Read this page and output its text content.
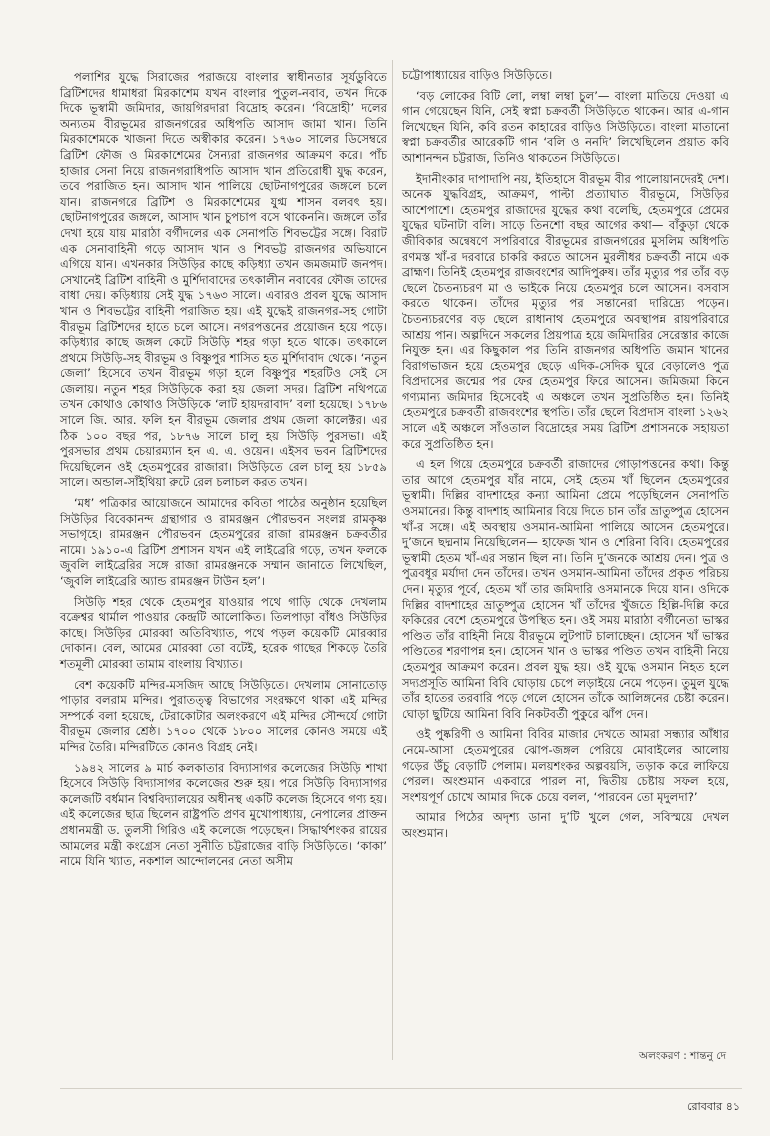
পলাশির যুদ্ধে সিরাজের পরাজয়ে বাংলার স্বাধীনতার সূর্যডুবিতে ব্রিটিশদের ধামাধরা মিরকাশেম যখন বাংলার পুতুল-নবাব, তখন দিকে দিকে ভূস্বামী জমিদার, জায়গিরদারা বিদ্রোহ করেন। ‘বিদ্রোহী’ দলের অন্যতম বীরভূমের রাজনগরের অধিপতি আসাদ জামা খান। তিনি মিরকাশেমকে খাজনা দিতে অস্বীকার করেন। ১৭৬০ সালের ডিসেম্বরে ব্রিটিশ ফৌজ ও মিরকাশেমের সৈন্যরা রাজনগর আক্রমণ করে। পাঁচ হাজার সেনা নিয়ে রাজনগরাধিপতি আসাদ খান প্রতিরোধী যুদ্ধ করেন, তবে পরাজিত হন। আসাদ খান পালিয়ে ছোটনাগপুরের জঙ্গলে চলে যান। রাজনগরে ব্রিটিশ ও মিরকাশেমের যুগ্ম শাসন বলবৎ হয়। ছোটনাগপুরের জঙ্গলে, আসাদ খান চুপচাপ বসে থাকেননি। জঙ্গলে তাঁর দেখা হয়ে যায় মারাঠা বর্গীদলের এক সেনাপতি শিবভট্টের সঙ্গে। বিরাট এক সেনাবাহিনী গড়ে আসাদ খান ও শিবভট্ট রাজনগর অভিযানে এগিয়ে যান। এখনকার সিউড়ির কাছে কড়িধ্যা তখন জমজমাট জনপদ। সেখানেই ব্রিটিশ বাহিনী ও মুর্শিদাবাদের তৎকালীন নবাবের ফৌজ তাদের বাধা দেয়। কড়িধ্যায় সেই যুদ্ধ ১৭৬৩ সালে। এবারও প্রবল যুদ্ধে আসাদ খান ও শিবভট্টের বাহিনী পরাজিত হয়। এই যুদ্ধেই রাজনগর-সহ গোটা বীরভূম ব্রিটিশদের হাতে চলে আসে। নগরপত্তনের প্রয়োজন হয়ে পড়ে। কড়িধ্যার কাছে জঙ্গল কেটে সিউড়ি শহর গড়া হতে থাকে। তৎকালে প্রথমে সিউড়ি-সহ বীরভূম ও বিষ্ণুপুর শাসিত হত মুর্শিদাবাদ থেকে। ‘নতুন জেলা’ হিসেবে তখন বীরভূম গড়া হলে বিষ্ণুপুর শহরটিও সেই সে জেলায়। নতুন শহর সিউড়িকে করা হয় জেলা সদর। ব্রিটিশ নথিপত্রে তখন কোথাও কোথাও সিউড়িকে ‘লাট হায়দরাবাদ’ বলা হয়েছে। ১৭৮৬ সালে জি. আর. ফলি হন বীরভূম জেলার প্রথম জেলা কালেক্টর। এর ঠিক ১০০ বছর পর, ১৮৭৬ সালে চালু হয় সিউড়ি পুরসভা। এই পুরসভার প্রথম চেয়ারম্যান হন এ. এ. ওয়েন। এইসব ভবন ব্রিটিশদের দিয়েছিলেন ওই হেতমপুরের রাজারা। সিউড়িতে রেল চালু হয় ১৮৫৯ সালে। অন্ডাল-সাঁইথিয়া রুটে রেল চলাচল করত তখন।

‘মধ’ পত্রিকার আয়োজনে আমাদের কবিতা পাঠের অনুষ্ঠান হয়েছিল সিউড়ির বিবেকানন্দ গ্রন্থাগার ও রামরঞ্জন পৌরভবন সংলগ্ন রামকৃষ্ণ সভাগৃহে। রামরঞ্জন পৌরভবন হেতমপুরের রাজা রামরঞ্জন চক্রবর্তীর নামে। ১৯১০-এ ব্রিটিশ প্রশাসন যখন এই লাইব্রেরি গড়ে, তখন ফলকে জুবলি লাইব্রেরির সঙ্গে রাজা রামরঞ্জনকে সম্মান জানাতে লিখেছিল, ‘জুবলি লাইব্রেরি অ্যান্ড রামরঞ্জন টাউন হল’।

সিউড়ি শহর থেকে হেতমপুর যাওয়ার পথে গাড়ি থেকে দেখলাম বক্রেশ্বর থার্মাল পাওয়ার কেন্দ্রটি আলোকিত। তিলপাড়া বাঁধও সিউড়ির কাছে। সিউড়ির মোরব্বা অতিবিখ্যাত, পথে পড়ল কয়েকটি মোরব্বার দোকান। বেল, আমের মোরব্বা তো বটেই, হরেক গাছের শিকড়ে তৈরি শতমূলী মোরব্বা তামাম বাংলায় বিখ্যাত।

বেশ কয়েকটি মন্দির-মসজিদ আছে সিউড়িতে। দেখলাম সোনাতোড় পাড়ার বলরাম মন্দির। পুরাতত্ত্ব বিভাগের সংরক্ষণে থাকা এই মন্দির সম্পর্কে বলা হয়েছে, টেরাকোটার অলংকরণে এই মন্দির সৌন্দর্যে গোটা বীরভূম জেলার শ্রেষ্ঠ। ১৭০০ থেকে ১৮০০ সালের কোনও সময়ে এই মন্দির তৈরি। মন্দিরটিতে কোনও বিগ্রহ নেই।

১৯৪২ সালের ৯ মার্চ কলকাতার বিদ্যাসাগর কলেজের সিউড়ি শাখা হিসেবে সিউড়ি বিদ্যাসাগর কলেজের শুরু হয়। পরে সিউড়ি বিদ্যাসাগর কলেজটি বর্ধমান বিশ্ববিদ্যালয়ের অধীনস্থ একটি কলেজ হিসেবে গণ্য হয়। এই কলেজের ছাত্র ছিলেন রাষ্ট্রপতি প্রণব মুখোপাধ্যায়, নেপালের প্রাক্তন প্রধানমন্ত্রী ড. তুলসী গিরিও এই কলেজে পড়েছেন। সিদ্ধার্থশংকর রায়ের আমলের মন্ত্রী কংগ্রেস নেতা সুনীতি চট্টরাজের বাড়ি সিউড়িতে। ‘কাকা’ নামে যিনি খ্যাত, নকশাল আন্দোলনের নেতা অসীম

চট্টোপাধ্যায়ের বাড়িও সিউড়িতে।

‘বড় লোকের বিটি লো, লম্বা লম্বা চুল’— বাংলা মাতিয়ে দেওয়া এ গান গেয়েছেন যিনি, সেই স্বপ্না চক্রবর্তী সিউড়িতে থাকেন। আর এ-গান লিখেছেন যিনি, কবি রতন কাহারের বাড়িও সিউড়িতে। বাংলা মাতানো স্বপ্না চক্রবর্তীর আরেকটি গান ‘বলি ও ননদি’ লিখেছিলেন প্রয়াত কবি আশানন্দন চট্টরাজ, তিনিও থাকতেন সিউড়িতে।

ইদানীংকার দাপাদাপি নয়, ইতিহাসে বীরভূম বীর পালোয়ানদেরই দেশ। অনেক যুদ্ধবিগ্রহ, আক্রমণ, পাল্টা প্রত্যাঘাত বীরভূমে, সিউড়ির আশেপাশে। হেতমপুর রাজাদের যুদ্ধের কথা বলেছি, হেতমপুরে প্রেমের যুদ্ধের ঘটনাটা বলি। সাড়ে তিনশো বছর আগের কথা— বাঁকুড়া থেকে জীবিকার অন্বেষণে সপরিবারে বীরভূমের রাজনগরের মুসলিম অধিপতি রণমস্ত খাঁ-র দরবারে চাকরি করতে আসেন মুরলীধর চক্রবর্তী নামে এক ব্রাহ্মণ। তিনিই হেতমপুর রাজবংশের আদিপুরুষ। তাঁর মৃত্যুর পর তাঁর বড় ছেলে চৈতন্যচরণ মা ও ভাইকে নিয়ে হেতমপুর চলে আসেন। বসবাস করতে থাকেন। তাঁদের মৃত্যুর পর সন্তানেরা দারিদ্র্যে পড়েন। চৈতন্যচরণের বড় ছেলে রাধানাথ হেতমপুরে অবস্থাপন্ন রায়পরিবারে আশ্রয় পান। অল্পদিনে সকলের প্রিয়পাত্র হয়ে জমিদারির সেরেস্তার কাজে নিযুক্ত হন। এর কিছুকাল পর তিনি রাজনগর অধিপতি জমান খানের বিরাগভাজন হয়ে হেতমপুর ছেড়ে এদিক-সেদিক ঘুরে বেড়ালেও পুত্র বিপ্রদাসের জন্মের পর ফের হেতমপুর ফিরে আসেন। জমিজমা কিনে গণ্যমান্য জমিদার হিসেবেই এ অঞ্চলে তখন সুপ্রতিষ্ঠিত হন। তিনিই হেতমপুরে চক্রবর্তী রাজবংশের স্থপতি। তাঁর ছেলে বিপ্রদাস বাংলা ১২৬২ সালে এই অঞ্চলে সাঁওতাল বিদ্রোহের সময় ব্রিটিশ প্রশাসনকে সহায়তা করে সুপ্রতিষ্ঠিত হন।

এ হল গিয়ে হেতমপুরে চক্রবর্তী রাজাদের গোড়াপত্তনের কথা। কিন্তু তার আগে হেতমপুর যাঁর নামে, সেই হেতম খাঁ ছিলেন হেতমপুরের ভূস্বামী। দিল্লির বাদশাহের কন্যা আমিনা প্রেমে পড়েছিলেন সেনাপতি ওসমানের। কিন্তু বাদশাহ আমিনার বিয়ে দিতে চান তাঁর ভ্রাতুষ্পুত্র হোসেন খাঁ-র সঙ্গে। এই অবস্থায় ওসমান-আমিনা পালিয়ে আসেন হেতমপুরে। দু’জনে ছদ্মনাম নিয়েছিলেন— হাফেজ খান ও শেরিনা বিবি। হেতমপুরের ভূস্বামী হেতম খাঁ-এর সন্তান ছিল না। তিনি দু’জনকে আশ্রয় দেন। পুত্র ও পুত্রবধূর মর্যাদা দেন তাঁদের। তখন ওসমান-আমিনা তাঁদের প্রকৃত পরিচয় দেন। মৃত্যুর পূর্বে, হেতম খাঁ তার জমিদারি ওসমানকে দিয়ে যান। ওদিকে দিল্লির বাদশাহের ভ্রাতুষ্পুত্র হোসেন খাঁ তাঁদের খুঁজতে হিল্লি-দিল্লি করে ফকিরের বেশে হেতমপুরে উপস্থিত হন। ওই সময় মারাঠা বর্গীনেতা ভাস্কর পণ্ডিত তাঁর বাহিনী নিয়ে বীরভূমে লুটপাট চালাচ্ছেন। হোসেন খাঁ ভাস্কর পণ্ডিতের শরণাপন্ন হন। হোসেন খান ও ভাস্কর পণ্ডিত তখন বাহিনী নিয়ে হেতমপুর আক্রমণ করেন। প্রবল যুদ্ধ হয়। ওই যুদ্ধে ওসমান নিহত হলে সদ্যপ্রসূতি আমিনা বিবি ঘোড়ায় চেপে লড়াইয়ে নেমে পড়েন। তুমুল যুদ্ধে তাঁর হাতের তরবারি পড়ে গেলে হোসেন তাঁকে আলিঙ্গনের চেষ্টা করেন। ঘোড়া ছুটিয়ে আমিনা বিবি নিকটবর্তী পুকুরে ঝাঁপ দেন।

ওই পুষ্করিণী ও আমিনা বিবির মাজার দেখতে আমরা সন্ধ্যার আঁধার নেমে-আসা হেতমপুরের ঝোপ-জঙ্গল পেরিয়ে মোবাইলের আলোয় গড়ের উঁচু বেড়াটি পেলাম। মলয়শংকর অল্পবয়সি, তড়াক করে লাফিয়ে পেরল। অংশুমান একবারে পারল না, দ্বিতীয় চেষ্টায় সফল হয়ে, সংশয়পূর্ণ চোখে আমার দিকে চেয়ে বলল, ‘পারবেন তো মৃদুলদা?’

আমার পিঠের অদৃশ্য ডানা দু’টি খুলে গেল, সবিস্ময়ে দেখল অংশুমান।

অলংকরণ : শান্তনু দে
রোববার ৪১
